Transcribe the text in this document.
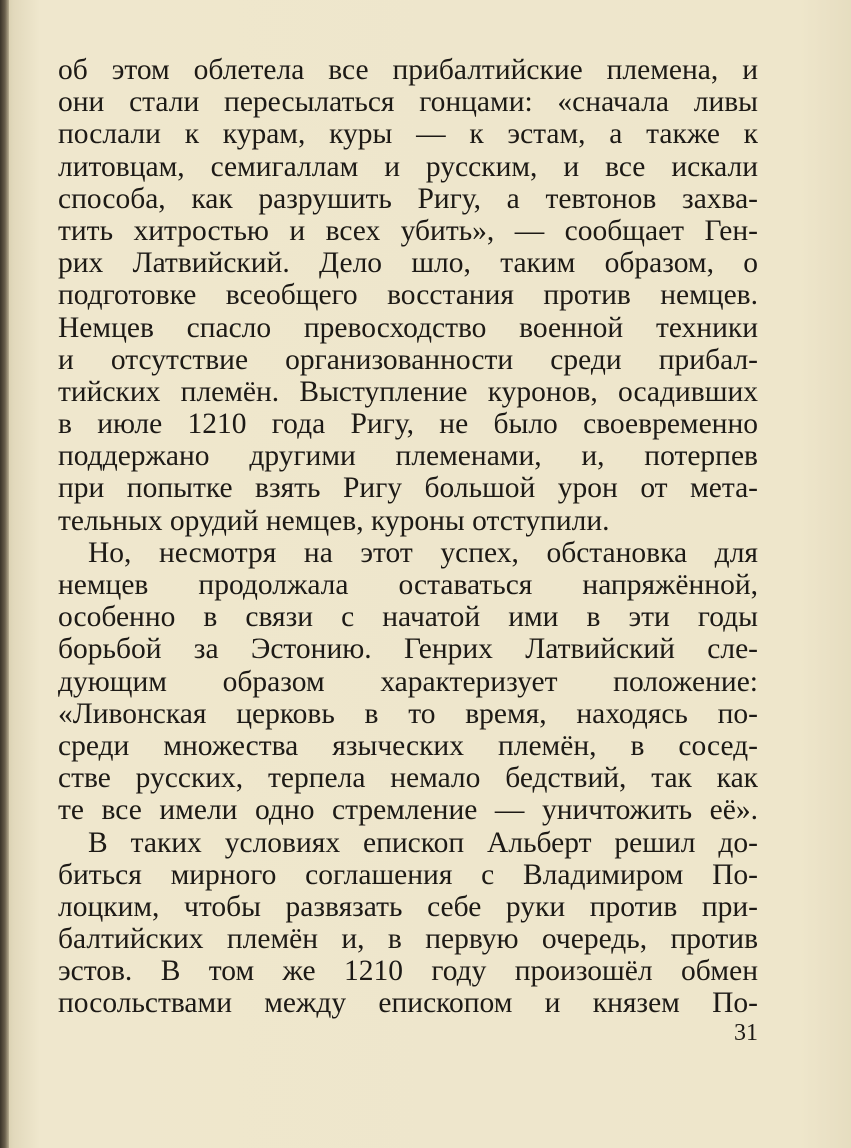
об этом облетела все прибалтийские племена, и
они стали пересылаться гонцами: «сначала ливы
послали к курам, куры — к эстам, а также к
литовцам, семигаллам и русским, и все искали
способа, как разрушить Ригу, а тевтонов захва-
тить хитростью и всех убить», — сообщает Ген-
рих Латвийский. Дело шло, таким образом, о
подготовке всеобщего восстания против немцев.
Немцев спасло превосходство военной техники
и отсутствие организованности среди прибал-
тийских племён. Выступление куронов, осадивших
в июле 1210 года Ригу, не было своевременно
поддержано другими племенами, и, потерпев
при попытке взять Ригу большой урон от мета-
тельных орудий немцев, куроны отступили.
Но, несмотря на этот успех, обстановка для
немцев продолжала оставаться напряжённой,
особенно в связи с начатой ими в эти годы
борьбой за Эстонию. Генрих Латвийский сле-
дующим образом характеризует положение:
«Ливонская церковь в то время, находясь по-
среди множества языческих племён, в сосед-
стве русских, терпела немало бедствий, так как
те все имели одно стремление — уничтожить её».
В таких условиях епископ Альберт решил до-
биться мирного соглашения с Владимиром По-
лоцким, чтобы развязать себе руки против при-
балтийских племён и, в первую очередь, против
эстов. В том же 1210 году произошёл обмен
посольствами между епископом и князем По-
31
